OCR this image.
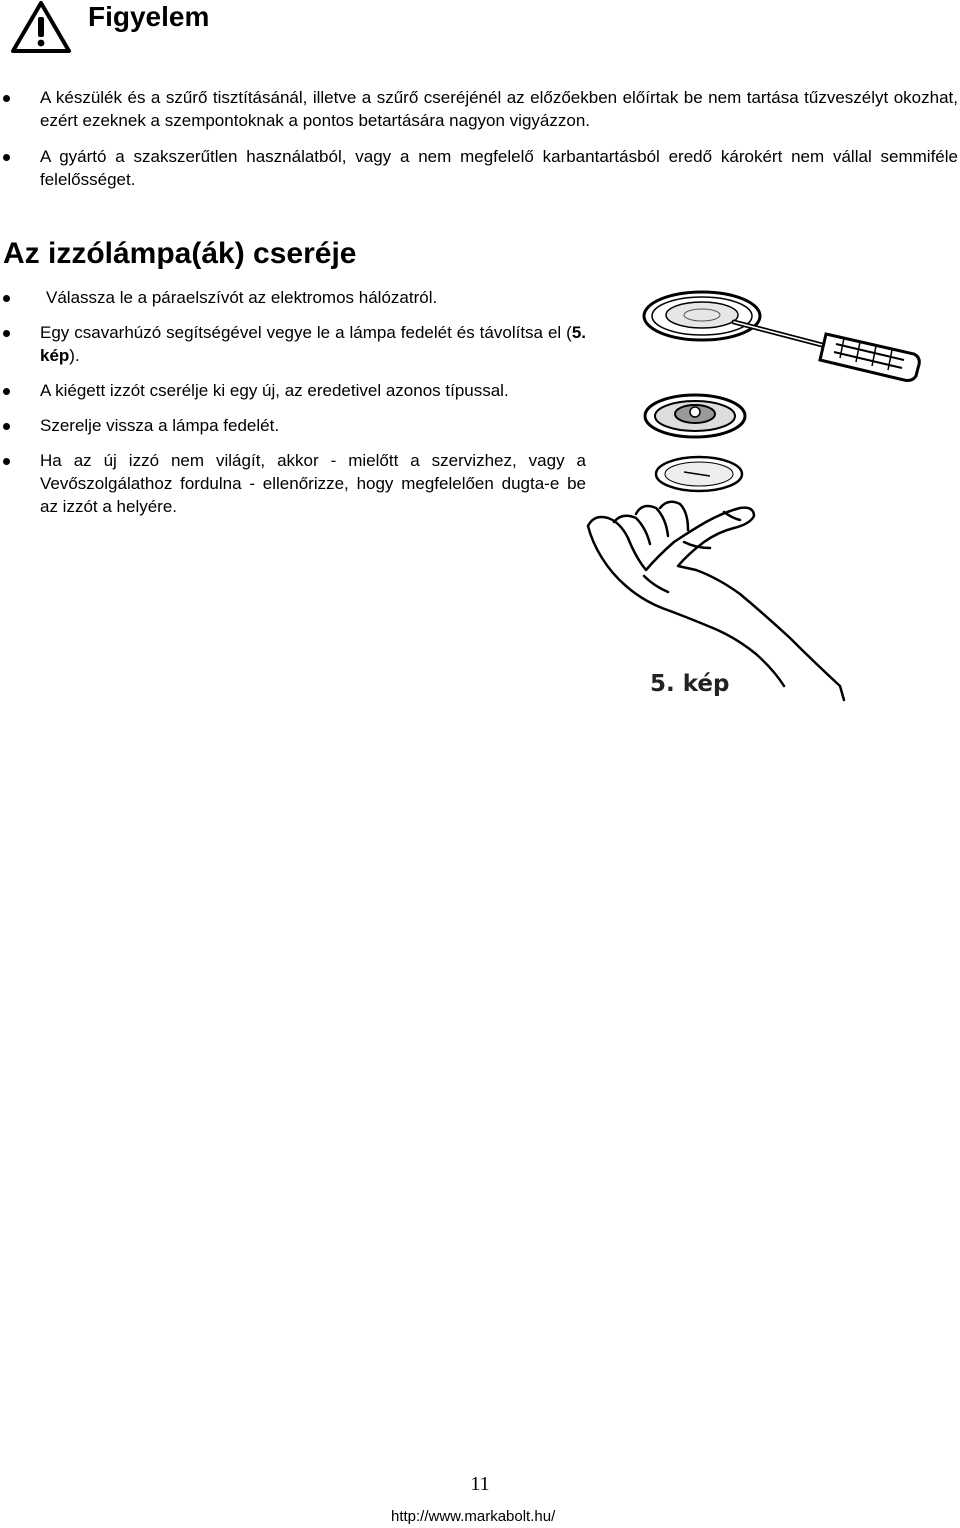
Figyelem
A készülék és a szűrő tisztításánál, illetve a szűrő cseréjénél az előzőekben előírtak be nem tartása tűzveszélyt okozhat, ezért ezeknek a szempontoknak a pontos betartására nagyon vigyázzon.
A gyártó a szakszerűtlen használatból, vagy a nem megfelelő karbantartásból eredő károkért nem vállal semmiféle felelősséget.
Az izzólámpa(ák) cseréje
Válassza le a páraelszívót az elektromos hálózatról.
Egy csavarhúzó segítségével vegye le a lámpa fedelét és távolítsa el (5. kép).
A kiégett izzót cserélje ki egy új, az eredetivel azonos típussal.
Szerelje vissza a lámpa fedelét.
Ha az új izzó nem világít, akkor - mielőtt a szervizhez, vagy a Vevőszolgálathoz fordulna - ellenőrizze, hogy megfelelően dugta-e be az izzót a helyére.
5. kép
11
http://www.markabolt.hu/
